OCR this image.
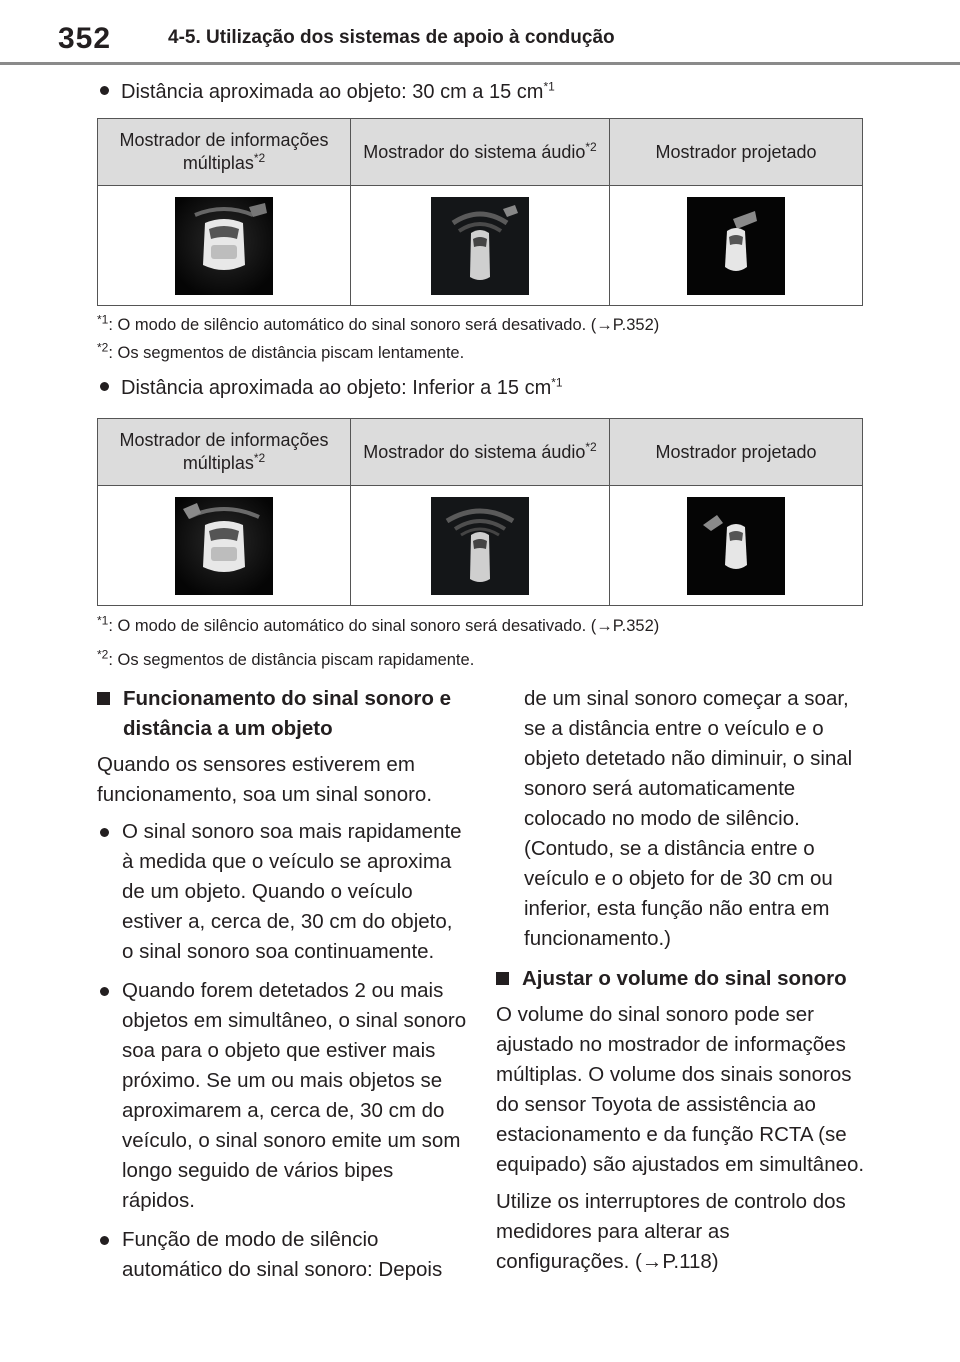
352	4-5. Utilização dos sistemas de apoio à condução
Distância aproximada ao objeto: 30 cm a 15 $cm^{*1}$
Mostrador de informações múltiplas$^{*2}$	Mostrador do sistema áudio$^{*2}$	Mostrador projetado

$^{*1}$: O modo de silêncio automático do sinal sonoro será desativado. (→P.352)
$^{*2}$: Os segmentos de distância piscam lentamente.
Distância aproximada ao objeto: Inferior a 15 $cm^{*1}$
Mostrador de informações múltiplas$^{*2}$	Mostrador do sistema áudio$^{*2}$	Mostrador projetado

$^{*1}$: O modo de silêncio automático do sinal sonoro será desativado. (→P.352)
$^{*2}$: Os segmentos de distância piscam rapidamente.
Funcionamento do sinal sonoro e distância a um objeto
Quando os sensores estiverem em funcionamento, soa um sinal sonoro.
O sinal sonoro soa mais rapidamente à medida que o veículo se aproxima de um objeto. Quando o veículo estiver a, cerca de, 30 cm do objeto, o sinal sonoro soa continuamente.
Quando forem detetados 2 ou mais objetos em simultâneo, o sinal sonoro soa para o objeto que estiver mais próximo. Se um ou mais objetos se aproximarem a, cerca de, 30 cm do veículo, o sinal sonoro emite um som longo seguido de vários bipes rápidos.
Função de modo de silêncio automático do sinal sonoro: Depois
de um sinal sonoro começar a soar, se a distância entre o veículo e o objeto detetado não diminuir, o sinal sonoro será automaticamente colocado no modo de silêncio. (Contudo, se a distância entre o veículo e o objeto for de 30 cm ou inferior, esta função não entra em funcionamento.)
Ajustar o volume do sinal sonoro
O volume do sinal sonoro pode ser ajustado no mostrador de informações múltiplas. O volume dos sinais sonoros do sensor Toyota de assistência ao estacionamento e da função RCTA (se equipado) são ajustados em simultâneo.
Utilize os interruptores de controlo dos medidores para alterar as configurações. (→P.118)
